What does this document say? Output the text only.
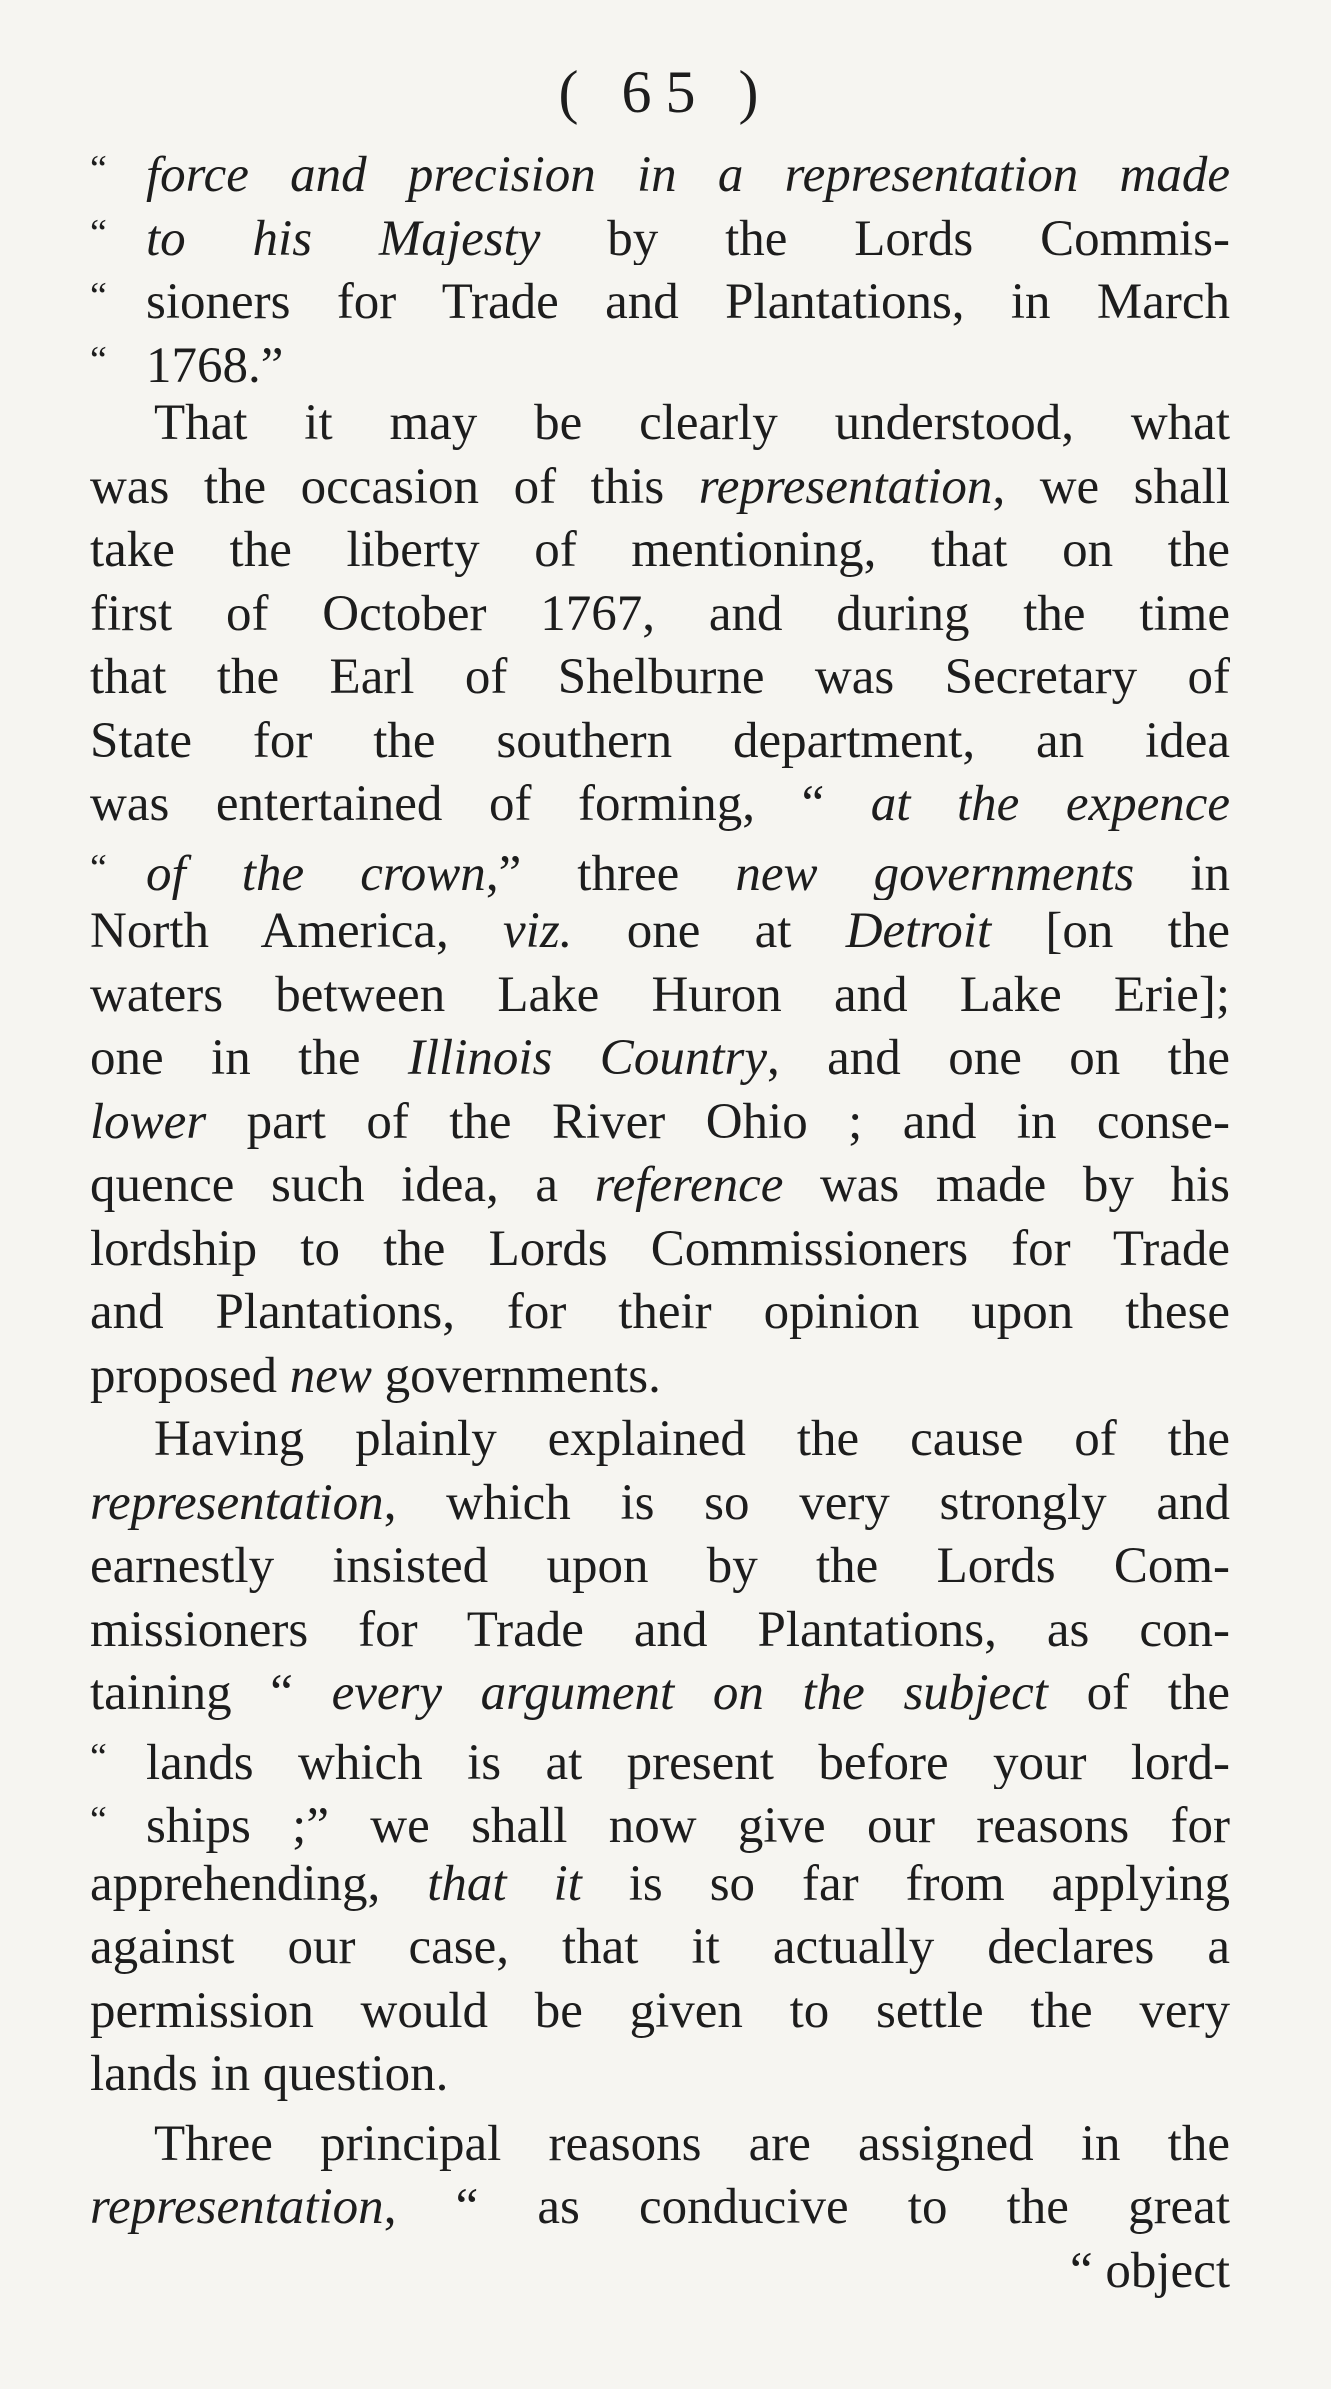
( 65 )
“ force and precision in a representation made
“ to his Majesty by the Lords Commis-
“ sioners for Trade and Plantations, in March
“ 1768.”
That it may be clearly understood, what
was the occasion of this representation, we shall
take the liberty of mentioning, that on the
first of October 1767, and during the time
that the Earl of Shelburne was Secretary of
State for the southern department, an idea
was entertained of forming, “ at the expence
“ of the crown,” three new governments in
North America, viz. one at Detroit [on the
waters between Lake Huron and Lake Erie];
one in the Illinois Country, and one on the
lower part of the River Ohio ; and in conse-
quence such idea, a reference was made by his
lordship to the Lords Commissioners for Trade
and Plantations, for their opinion upon these
proposed new governments.
Having plainly explained the cause of the
representation, which is so very strongly and
earnestly insisted upon by the Lords Com-
missioners for Trade and Plantations, as con-
taining “ every argument on the subject of the
“ lands which is at present before your lord-
“ ships ;” we shall now give our reasons for
apprehending, that it is so far from applying
against our case, that it actually declares a
permission would be given to settle the very
lands in question.
Three principal reasons are assigned in the
representation, “ as conducive to the great
“ object
